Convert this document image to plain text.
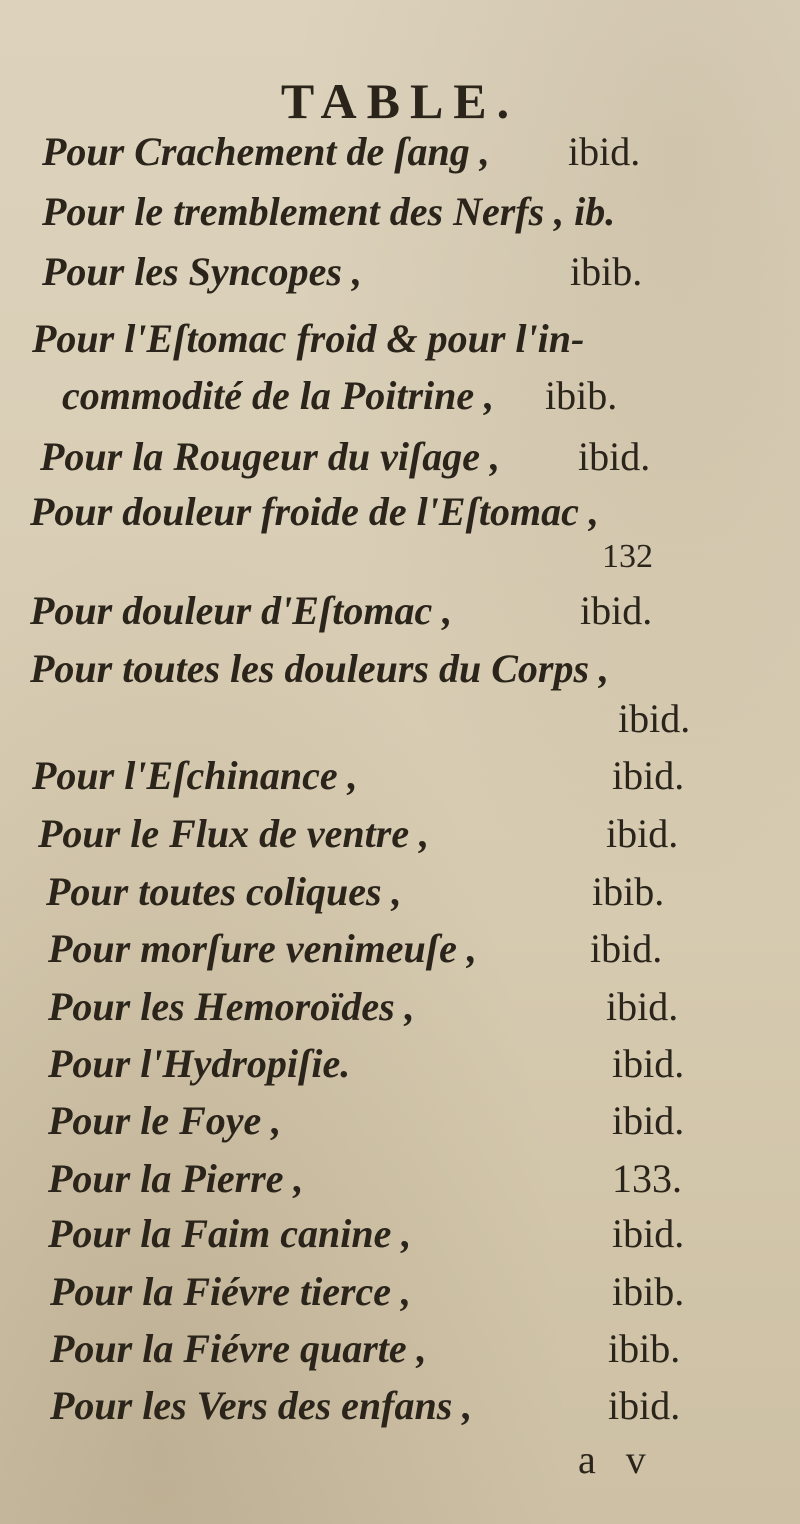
TABLE.
Pour Crachement de ſang , ibid.
Pour le tremblement des Nerfs , ib.
Pour les Syncopes ,	ibib.
Pour l'Eſtomac froid & pour l'in-
commodité de la Poitrine , ibib.
Pour la Rougeur du viſage , ibid.
Pour douleur froide de l'Eſtomac ,
132
Pour douleur d'Eſtomac ,	ibid.
Pour toutes les douleurs du Corps ,
ibid.
Pour l'Eſchinance ,	ibid.
Pour le Flux de ventre ,	ibid.
Pour toutes coliques ,	ibib.
Pour morſure venimeuſe ,	ibid.
Pour les Hemoroïdes ,	ibid.
Pour l'Hydropiſie.	ibid.
Pour le Foye ,	ibid.
Pour la Pierre ,	133.
Pour la Faim canine ,	ibid.
Pour la Fiévre tierce ,	ibib.
Pour la Fiévre quarte ,	ibib.
Pour les Vers des enfans ,	ibid.
a v
